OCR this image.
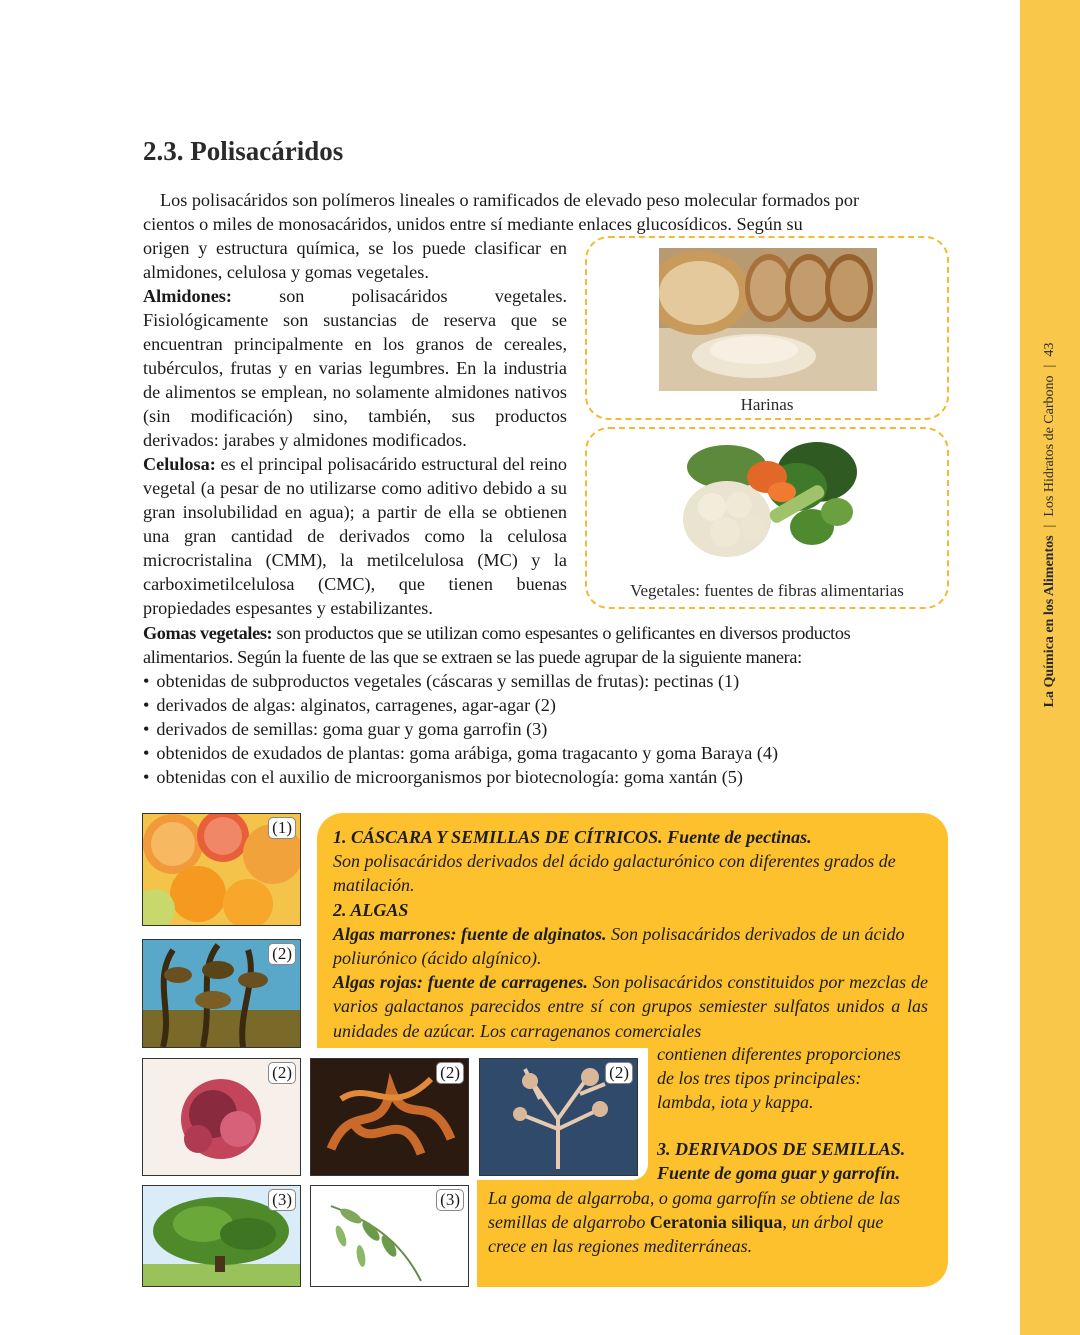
La Química en los Alimentos|Los Hidratos de Carbono|43
2.3. Polisacáridos

Los polisacáridos son polímeros lineales o ramificados de elevado peso molecular formados por cientos o miles de monosacáridos, unidos entre sí mediante enlaces glucosídicos. Según su

origen y estructura química, se los puede clasificar en almidones, celulosa y gomas vegetales.

Almidones:	son polisacáridos vegetales. Fisiológicamente son sustancias de reserva que se encuentran principalmente en los granos de cereales, tubérculos, frutas y en varias legumbres. En la industria de alimentos se emplean, no solamente almidones nativos (sin modificación) sino, también, sus productos derivados: jarabes y almidones modificados.

Celulosa: es el principal polisacárido estructural del reino vegetal (a pesar de no utilizarse como aditivo debido a su gran insolubilidad en agua); a partir de ella se obtienen una gran cantidad de derivados como la celulosa microcristalina (CMM), la metilcelulosa (MC) y la carboximetilcelulosa (CMC), que tienen buenas propiedades espesantes y estabilizantes.

Harinas
Vegetales: fuentes de fibras alimentarias

Gomas vegetales: son productos que se utilizan como espesantes o gelificantes en diversos productos alimentarios. Según la fuente de las que se extraen se las puede agrupar de la siguiente manera:

• obtenidas de subproductos vegetales (cáscaras y semillas de frutas): pectinas (1)
• derivados de algas: alginatos, carragenes, agar-agar (2)
• derivados de semillas: goma guar y goma garrofin (3)
• obtenidos de exudados de plantas: goma arábiga, goma tragacanto y goma Baraya (4)
• obtenidas con el auxilio de microorganismos por biotecnología: goma xantán (5)

1. CÁSCARA Y SEMILLAS DE CÍTRICOS. Fuente de pectinas.

Son polisacáridos derivados del ácido galacturónico con diferentes grados de matilación.

2. ALGAS

Algas marrones: fuente de alginatos. Son polisacáridos derivados de un ácido poliurónico (ácido algínico).

Algas rojas: fuente de carragenes. Son polisacáridos constituidos por mezclas de varios galactanos parecidos entre sí con grupos semiester sulfatos unidos a las unidades de azúcar. Los carragenanos comerciales

contienen diferentes proporciones de los tres tipos principales: lambda, iota y kappa.

3. DERIVADOS DE SEMILLAS.

Fuente de goma guar y garrofín.

La goma de algarroba, o goma garrofín se obtiene de las semillas de algarrobo Ceratonia siliqua, un árbol que crece en las regiones mediterráneas.

(1)
(2)
(2)	(2)	(2)
(3)	(3)
